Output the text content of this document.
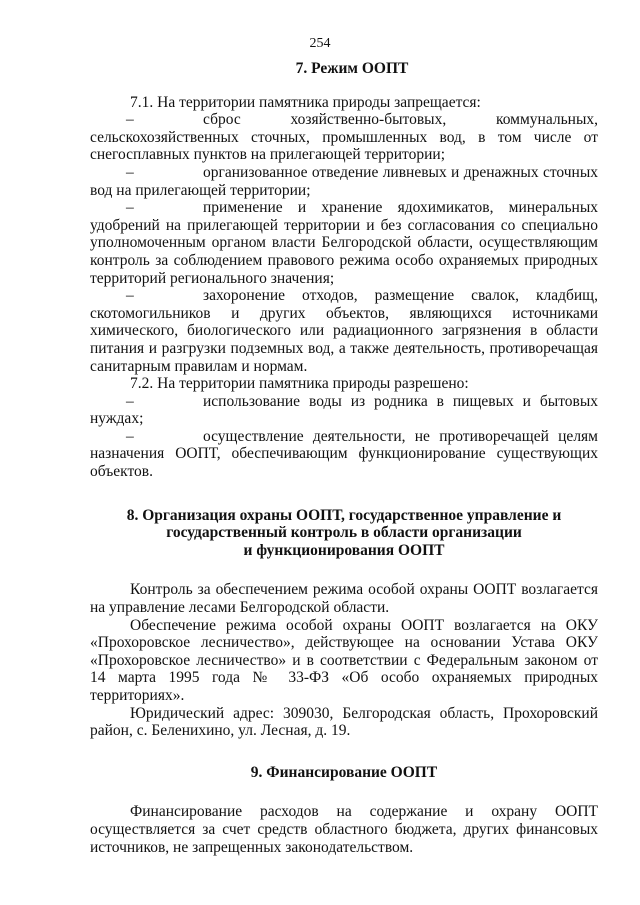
254
7. Режим ООПТ

7.1. На территории памятника природы запрещается:

–	сброс хозяйственно-бытовых, коммунальных, сельскохозяйственных сточных, промышленных вод, в том числе от снегосплавных пунктов на прилегающей территории;

–	организованное отведение ливневых и дренажных сточных вод на прилегающей территории;

–	применение и хранение ядохимикатов, минеральных удобрений на прилегающей территории и без согласования со специально уполномоченным органом власти Белгородской области, осуществляющим контроль за соблюдением правового режима особо охраняемых природных территорий регионального значения;

–	захоронение отходов, размещение свалок, кладбищ, скотомогильников и других объектов, являющихся источниками химического, биологического или радиационного загрязнения в области питания и разгрузки подземных вод, а также деятельность, противоречащая санитарным правилам и нормам.

7.2. На территории памятника природы разрешено:

–	использование воды из родника в пищевых и бытовых нуждах;

–	осуществление деятельности, не противоречащей целям назначения ООПТ, обеспечивающим функционирование существующих объектов.

8. Организация охраны ООПТ, государственное управление и
государственный контроль в области организации
и функционирования ООПТ

Контроль за обеспечением режима особой охраны ООПТ возлагается на управление лесами Белгородской области.

Обеспечение режима особой охраны ООПТ возлагается на ОКУ «Прохоровское лесничество», действующее на основании Устава ОКУ «Прохоровское лесничество» и в соответствии с Федеральным законом от 14 марта 1995 года № 33-ФЗ «Об особо охраняемых природных территориях».

Юридический адрес: 309030, Белгородская область, Прохоровский район, с. Беленихино, ул. Лесная, д. 19.

9. Финансирование ООПТ

Финансирование расходов на содержание и охрану ООПТ осуществляется за счет средств областного бюджета, других финансовых источников, не запрещенных законодательством.
